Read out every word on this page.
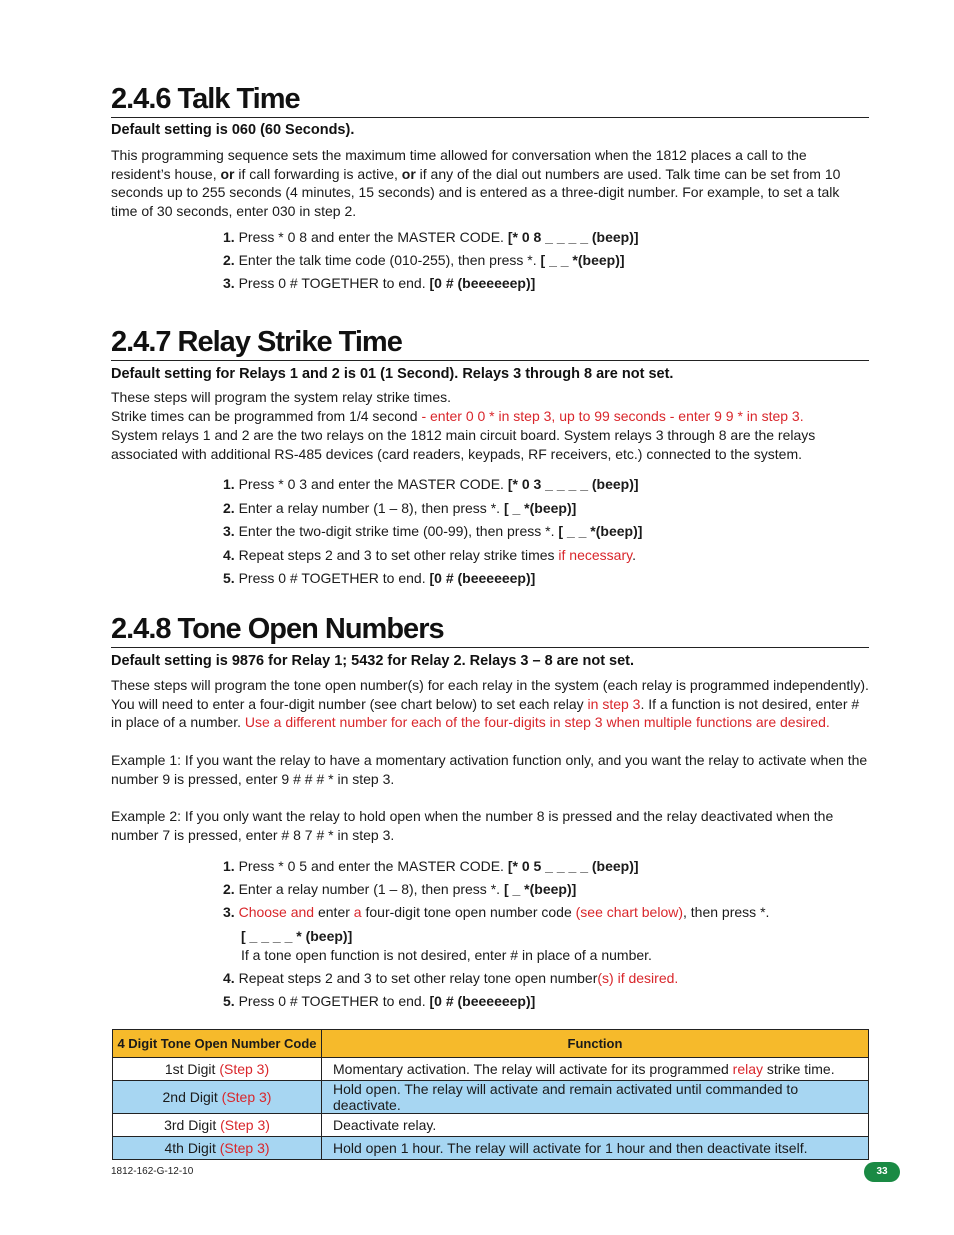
2.4.6 Talk Time
Default setting is 060 (60 Seconds).
This programming sequence sets the maximum time allowed for conversation when the 1812 places a call to the resident’s house, or if call forwarding is active, or if any of the dial out numbers are used. Talk time can be set from 10 seconds up to 255 seconds (4 minutes, 15 seconds) and is entered as a three-digit number. For example, to set a talk time of 30 seconds, enter 030 in step 2.
1. Press * 0 8 and enter the MASTER CODE. [* 0 8 _ _ _ _ (beep)]
2. Enter the talk time code (010-255), then press *. [ _ _ *(beep)]
3. Press 0 # TOGETHER to end. [0 # (beeeeeep)]
2.4.7 Relay Strike Time
Default setting for Relays 1 and 2 is 01 (1 Second). Relays 3 through 8 are not set.
These steps will program the system relay strike times.
Strike times can be programmed from 1/4 second - enter 0 0 * in step 3, up to 99 seconds - enter 9 9 * in step 3.
System relays 1 and 2 are the two relays on the 1812 main circuit board. System relays 3 through 8 are the relays associated with additional RS-485 devices (card readers, keypads, RF receivers, etc.) connected to the system.
1. Press * 0 3 and enter the MASTER CODE. [* 0 3 _ _ _ _ (beep)]
2. Enter a relay number (1 – 8), then press *. [ _ *(beep)]
3. Enter the two-digit strike time (00-99), then press *. [ _ _ *(beep)]
4. Repeat steps 2 and 3 to set other relay strike times if necessary.
5. Press 0 # TOGETHER to end. [0 # (beeeeeep)]
2.4.8 Tone Open Numbers
Default setting is 9876 for Relay 1; 5432 for Relay 2. Relays 3 – 8 are not set.
These steps will program the tone open number(s) for each relay in the system (each relay is programmed independently). You will need to enter a four-digit number (see chart below) to set each relay in step 3. If a function is not desired, enter # in place of a number. Use a different number for each of the four-digits in step 3 when multiple functions are desired.
Example 1: If you want the relay to have a momentary activation function only, and you want the relay to activate when the number 9 is pressed, enter 9 # # # * in step 3.
Example 2: If you only want the relay to hold open when the number 8 is pressed and the relay deactivated when the number 7 is pressed, enter # 8 7 # * in step 3.
1. Press * 0 5 and enter the MASTER CODE. [* 0 5 _ _ _ _ (beep)]
2. Enter a relay number (1 – 8), then press *. [ _ *(beep)]
3. Choose and enter a four-digit tone open number code (see chart below), then press *.
[ _ _ _ _ * (beep)]
If a tone open function is not desired, enter # in place of a number.
4. Repeat steps 2 and 3 to set other relay tone open number(s) if desired.
5. Press 0 # TOGETHER to end. [0 # (beeeeeep)]
4 Digit Tone Open Number Code	Function
1st Digit (Step 3)	Momentary activation. The relay will activate for its programmed relay strike time.
2nd Digit (Step 3)	Hold open. The relay will activate and remain activated until commanded to deactivate.
3rd Digit (Step 3)	Deactivate relay.
4th Digit (Step 3)	Hold open 1 hour. The relay will activate for 1 hour and then deactivate itself.
1812-162-G-12-10	33
